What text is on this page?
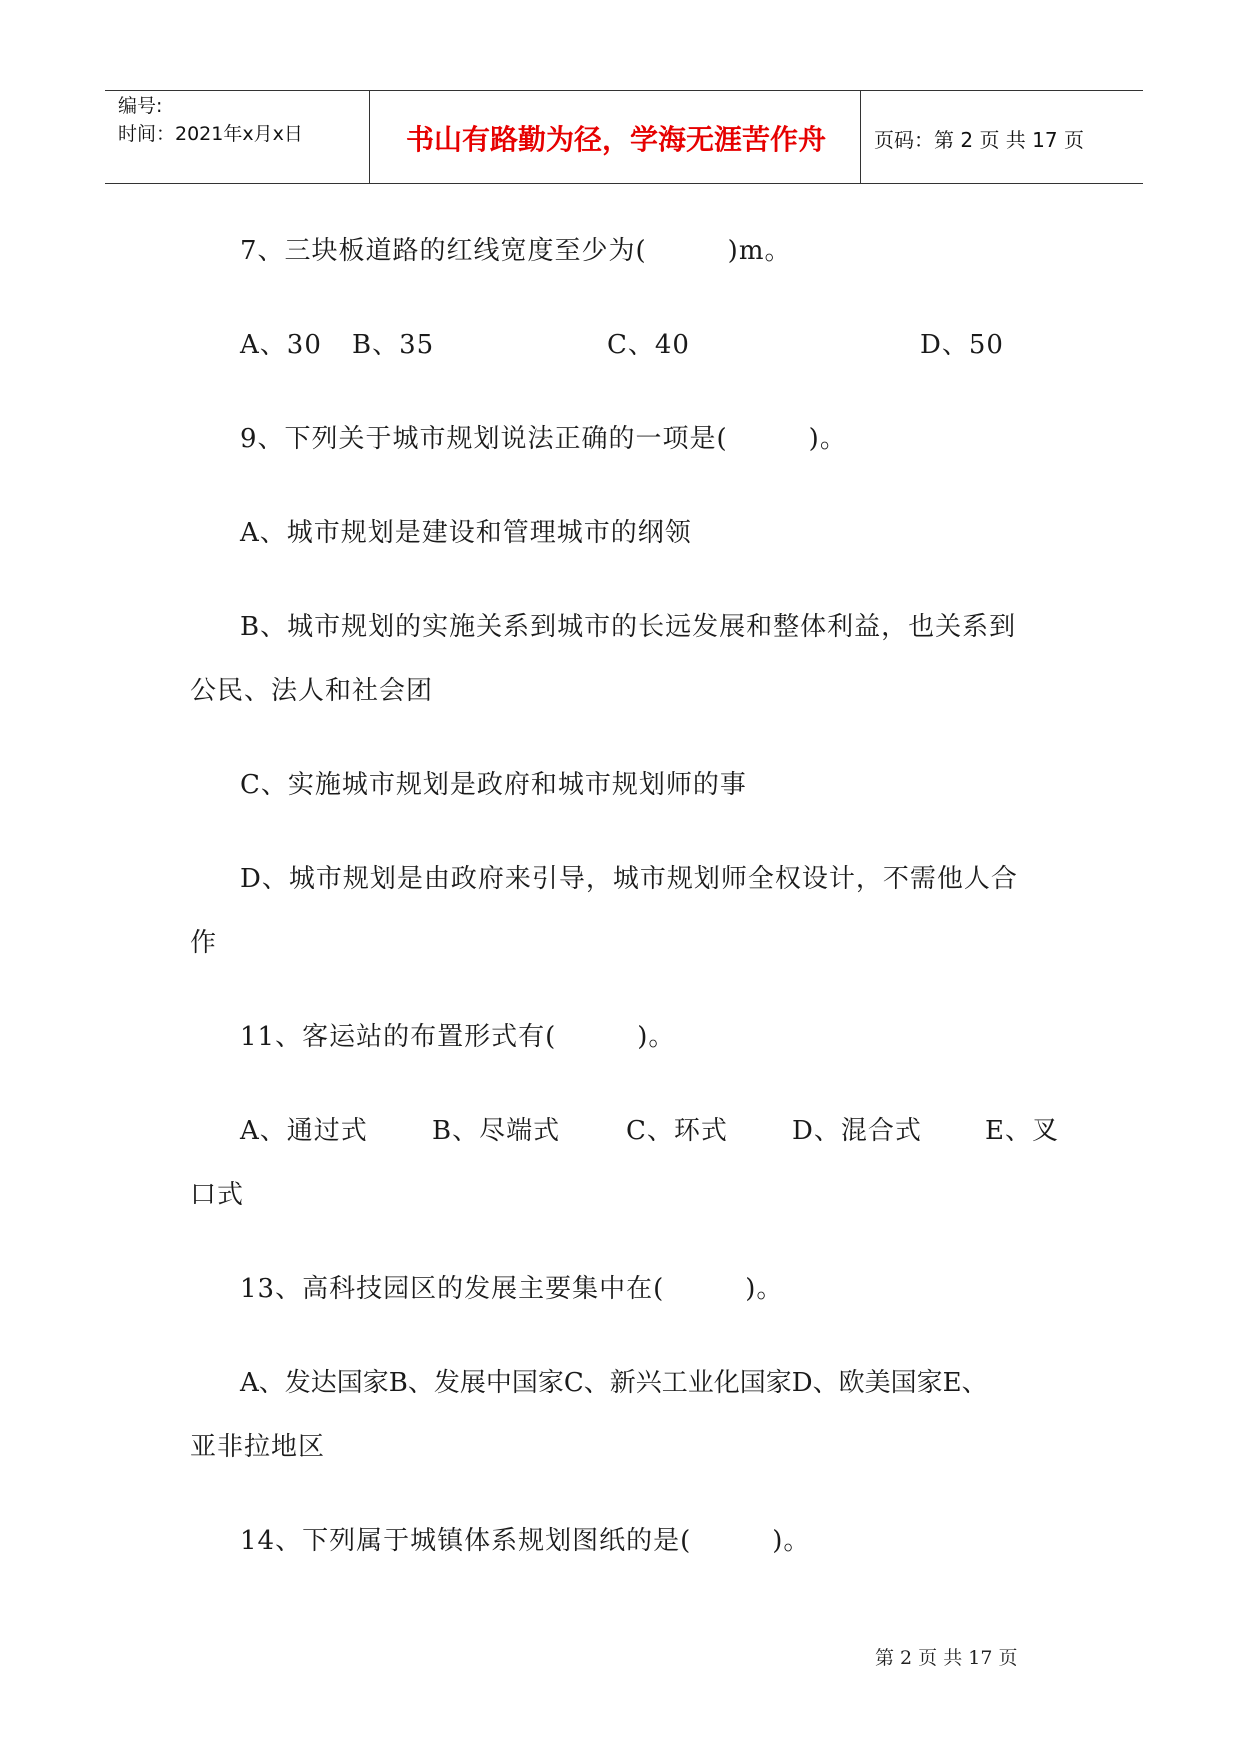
编号:
时间：2021年x月x日	书山有路勤为径，学海无涯苦作舟	页码：第 2 页 共 17 页
7、三块板道路的红线宽度至少为(　　　)m。
A、30 B、35	C、40	D、50
9、下列关于城市规划说法正确的一项是(　　　)。
A、城市规划是建设和管理城市的纲领
B、城市规划的实施关系到城市的长远发展和整体利益，也关系到
公民、法人和社会团
C、实施城市规划是政府和城市规划师的事
D、城市规划是由政府来引导，城市规划师全权设计，不需他人合
作
11、客运站的布置形式有(　　　)。
A、通过式 B、尽端式	C、环式 D、混合式 E、叉
口式
13、高科技园区的发展主要集中在(　　　)。
A、发达国家B、发展中国家C、新兴工业化国家D、欧美国家E、
亚非拉地区
14、下列属于城镇体系规划图纸的是(　　　)。
第 2 页 共 17 页
